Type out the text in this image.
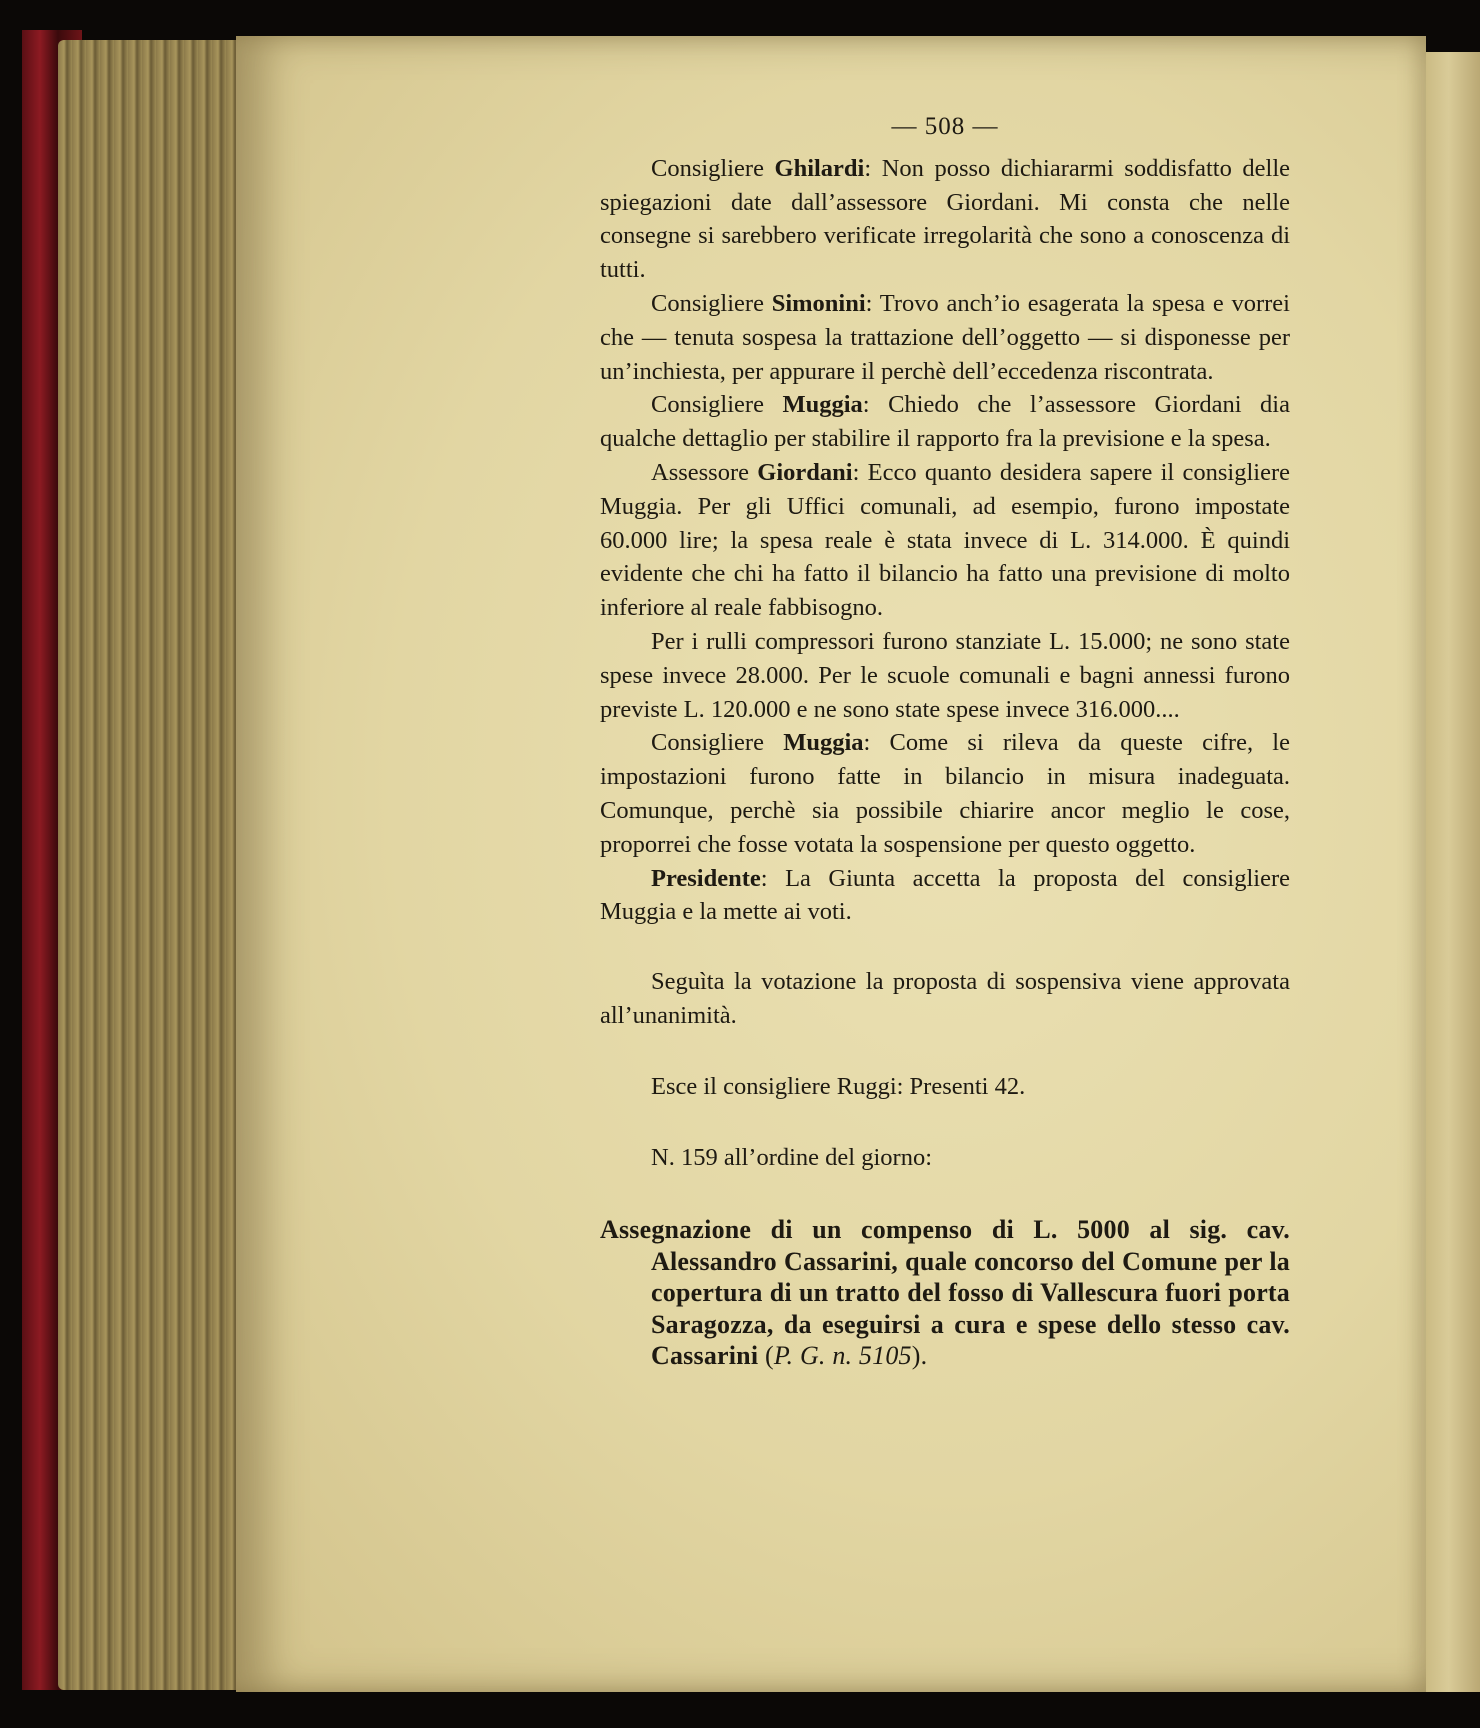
— 508 —

Consigliere Ghilardi: Non posso dichiararmi soddisfatto delle spiegazioni date dall’assessore Giordani. Mi consta che nelle consegne si sarebbero verificate irregolarità che sono a conoscenza di tutti.

Consigliere Simonini: Trovo anch’io esagerata la spesa e vorrei che — tenuta sospesa la trattazione dell’oggetto — si disponesse per un’inchiesta, per appurare il perchè dell’eccedenza riscontrata.

Consigliere Muggia: Chiedo che l’assessore Giordani dia qualche dettaglio per stabilire il rapporto fra la previsione e la spesa.

Assessore Giordani: Ecco quanto desidera sapere il consigliere Muggia. Per gli Uffici comunali, ad esempio, furono impostate 60.000 lire; la spesa reale è stata invece di L. 314.000. È quindi evidente che chi ha fatto il bilancio ha fatto una previsione di molto inferiore al reale fabbisogno.

Per i rulli compressori furono stanziate L. 15.000; ne sono state spese invece 28.000. Per le scuole comunali e bagni annessi furono previste L. 120.000 e ne sono state spese invece 316.000....

Consigliere Muggia: Come si rileva da queste cifre, le impostazioni furono fatte in bilancio in misura inadeguata. Comunque, perchè sia possibile chiarire ancor meglio le cose, proporrei che fosse votata la sospensione per questo oggetto.

Presidente: La Giunta accetta la proposta del consigliere Muggia e la mette ai voti.

Seguìta la votazione la proposta di sospensiva viene approvata all’unanimità.

Esce il consigliere Ruggi: Presenti 42.

N. 159 all’ordine del giorno:

Assegnazione di un compenso di L. 5000 al sig. cav. Alessandro Cassarini, quale concorso del Comune per la copertura di un tratto del fosso di Vallescura fuori porta Saragozza, da eseguirsi a cura e spese dello stesso cav. Cassarini (P. G. n. 5105).
